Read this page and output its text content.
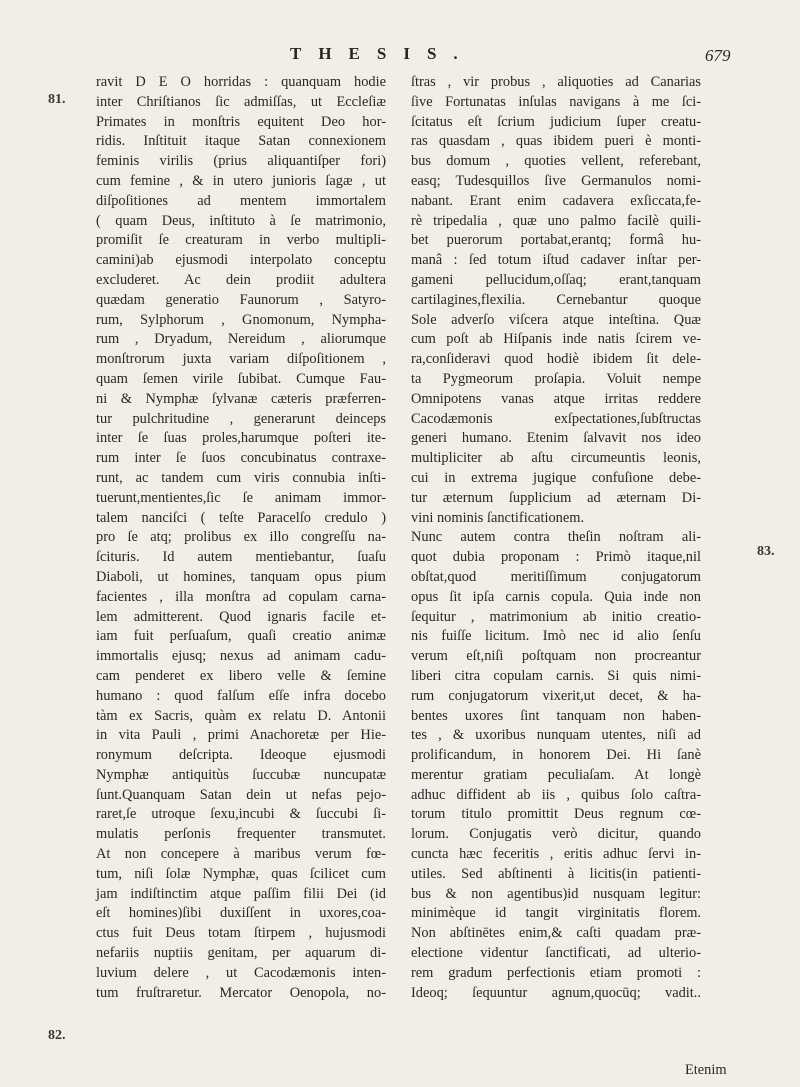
THESIS.	679
81.
82.
83.
ravit D E O horridas : quanquam hodie
inter Chriſtianos ſic admiſſas, ut Eccleſiæ
Primates in monſtris equitent Deo hor-
ridis. Inſtituit itaque Satan connexionem
feminis virilis (prius aliquantiſper fori)
cum femine , & in utero junioris ſagæ , ut
diſpoſitiones ad mentem immortalem
( quam Deus, inſtituto à ſe matrimonio,
promiſit ſe creaturam in verbo multipli-
camini)ab ejusmodi interpolato conceptu
excluderet. Ac dein prodiit adultera
quædam generatio Faunorum , Satyro-
rum, Sylphorum , Gnomonum, Nympha-
rum , Dryadum, Nereidum , aliorumque
monſtrorum juxta variam diſpoſitionem ,
quam ſemen virile ſubibat. Cumque Fau-
ni & Nymphæ ſylvanæ cæteris præferren-
tur pulchritudine , generarunt deinceps
inter ſe ſuas proles,harumque poſteri ite-
rum inter ſe ſuos concubinatus contraxe-
runt, ac tandem cum viris connubia inſti-
tuerunt,mentientes,ſic ſe animam immor-
talem nanciſci ( teſte Paracelſo credulo )
pro ſe atq; prolibus ex illo congreſſu na-
ſcituris. Id autem mentiebantur, ſuaſu
Diaboli, ut homines, tanquam opus pium
facientes , illa monſtra ad copulam carna-
lem admitterent. Quod ignaris facile et-
iam fuit perſuaſum, quaſi creatio animæ
immortalis ejusq; nexus ad animam cadu-
cam penderet ex libero velle & ſemine
humano : quod falſum eſſe infra docebo
tàm ex Sacris, quàm ex relatu D. Antonii
in vita Pauli , primi Anachoretæ per Hie-
ronymum deſcripta. Ideoque ejusmodi
Nymphæ antiquitùs ſuccubæ nuncupatæ
ſunt.Quanquam Satan dein ut nefas pejo-
raret,ſe utroque ſexu,incubi & ſuccubi ſi-
mulatis perſonis frequenter transmutet.
At non concepere à maribus verum fœ-
tum, niſi ſolæ Nymphæ, quas ſcilicet cum
jam indiſtinctim atque paſſim filii Dei (id
eſt homines)ſibi duxiſſent in uxores,coa-
ctus fuit Deus totam ſtirpem , hujusmodi
nefariis nuptiis genitam, per aquarum di-
luvium delere , ut Cacodæmonis inten-
tum fruſtraretur. Mercator Oenopola, no-
ſtras , vir probus , aliquoties ad Canarias
ſive Fortunatas inſulas navigans à me ſci-
ſcitatus eſt ſcrium judicium ſuper creatu-
ras quasdam , quas ibidem pueri è monti-
bus domum , quoties vellent, referebant,
easq; Tudesquillos ſive Germanulos nomi-
nabant. Erant enim cadavera exſiccata,fe-
rè tripedalia , quæ uno palmo facilè quili-
bet puerorum portabat,erantq; formâ hu-
manâ : ſed totum iſtud cadaver inſtar per-
gameni pellucidum,oſſaq; erant,tanquam
cartilagines,flexilia. Cernebantur quoque
Sole adverſo viſcera atque inteſtina. Quæ
cum poſt ab Hiſpanis inde natis ſcirem ve-
ra,conſideravi quod hodiè ibidem ſit dele-
ta Pygmeorum proſapia. Voluit nempe
Omnipotens vanas atque irritas reddere
Cacodæmonis exſpectationes,ſubſtructas
generi humano. Etenim ſalvavit nos ideo
multipliciter ab aſtu circumeuntis leonis,
cui in extrema jugique confuſione debe-
tur æternum ſupplicium ad æternam Di-
vini nominis ſanctificationem.
Nunc autem contra theſin noſtram ali-
quot dubia proponam : Primò itaque,nil
obſtat,quod meritiſſimum conjugatorum
opus ſit ipſa carnis copula. Quia inde non
ſequitur , matrimonium ab initio creatio-
nis fuiſſe licitum. Imò nec id alio ſenſu
verum eſt,niſi poſtquam non procreantur
liberi citra copulam carnis. Si quis nimi-
rum conjugatorum vixerit,ut decet, & ha-
bentes uxores ſint tanquam non haben-
tes , & uxoribus nunquam utentes, niſi ad
prolificandum, in honorem Dei. Hi ſanè
merentur gratiam peculiaſam. At longè
adhuc diffident ab iis , quibus ſolo caſtra-
torum titulo promittit Deus regnum cœ-
lorum. Conjugatis verò dicitur, quando
cuncta hæc feceritis , eritis adhuc ſervi in-
utiles. Sed abſtinenti à licitis(in patienti-
bus & non agentibus)id nusquam legitur:
minimèque id tangit virginitatis florem.
Non abſtinētes enim,& caſti quadam præ-
electione videntur ſanctificati, ad ulterio-
rem gradum perfectionis etiam promoti :
Ideoq; ſequuntur agnum,quocūq; vadit..
Etenim
